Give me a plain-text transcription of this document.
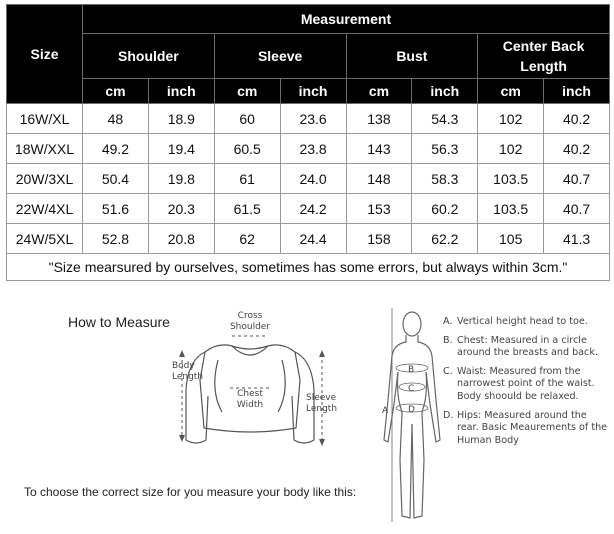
Size	Measurement							
	Shoulder		Sleeve		Bust		Center Back Length	
	cm	inch	cm	inch	cm	inch	cm	inch
16W/XL	48	18.9	60	23.6	138	54.3	102	40.2
18W/XXL	49.2	19.4	60.5	23.8	143	56.3	102	40.2
20W/3XL	50.4	19.8	61	24.0	148	58.3	103.5	40.7
22W/4XL	51.6	20.3	61.5	24.2	153	60.2	103.5	40.7
24W/5XL	52.8	20.8	62	24.4	158	62.2	105	41.3
"Size mearsured by ourselves, sometimes has some errors, but always within 3cm."								
Cross
Shoulder
Body
Length
Chest
Width
Sleeve
Length	A
B
C
D
How to Measure
To choose the correct size for you measure your body like this:
A. Vertical height head to toe.
B. Chest: Measured in a circle around the breasts and back.
C. Waist: Measured from the narrowest point of the waist. Body shoould be relaxed.
D. Hips: Measured around the rear. Basic Meaurements of the Human Body
